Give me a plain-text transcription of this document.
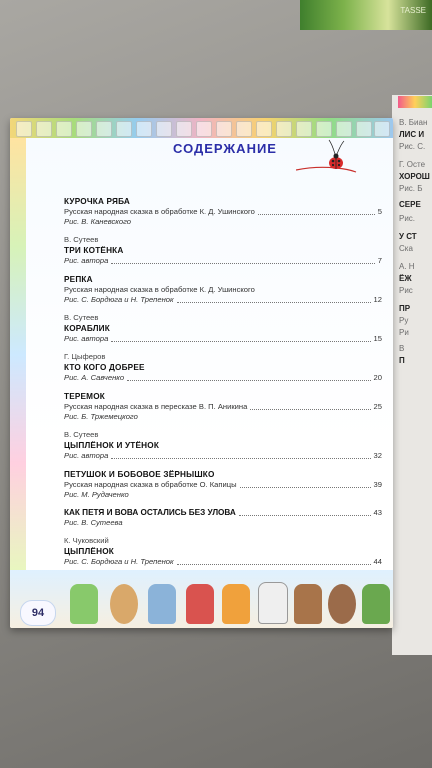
TASSE
В. Биан
ЛИС И
Рис. С.
Г. Осте
ХОРОШ
Рис. Б
СЕРЕ
Рис.
У СТ
Ска
А. Н
ЁЖ
Рис
ПР
Ру
Ри
В
П
СОДЕРЖАНИЕ
КУРОЧКА РЯБА
Русская народная сказка в обработке К. Д. Ушинского	5
Рис. В. Каневского
В. Сутеев
ТРИ КОТЁНКА
Рис. автора	7
РЕПКА
Русская народная сказка в обработке К. Д. Ушинского
Рис. С. Бордюга и Н. Трепенок	12
В. Сутеев
КОРАБЛИК
Рис. автора	15
Г. Цыферов
КТО КОГО ДОБРЕЕ
Рис. А. Савченко	20
ТЕРЕМОК
Русская народная сказка в пересказе В. П. Аникина	25
Рис. Б. Тржемецкого
В. Сутеев
ЦЫПЛЁНОК И УТЁНОК
Рис. автора	32
ПЕТУШОК И БОБОВОЕ ЗЁРНЫШКО
Русская народная сказка в обработке О. Капицы	39
Рис. М. Рудаченко
КАК ПЕТЯ И ВОВА ОСТАЛИСЬ БЕЗ УЛОВА	43
Рис. В. Сутеева
К. Чуковский
ЦЫПЛЁНОК
Рис. С. Бордюга и Н. Трепенок	44
94
